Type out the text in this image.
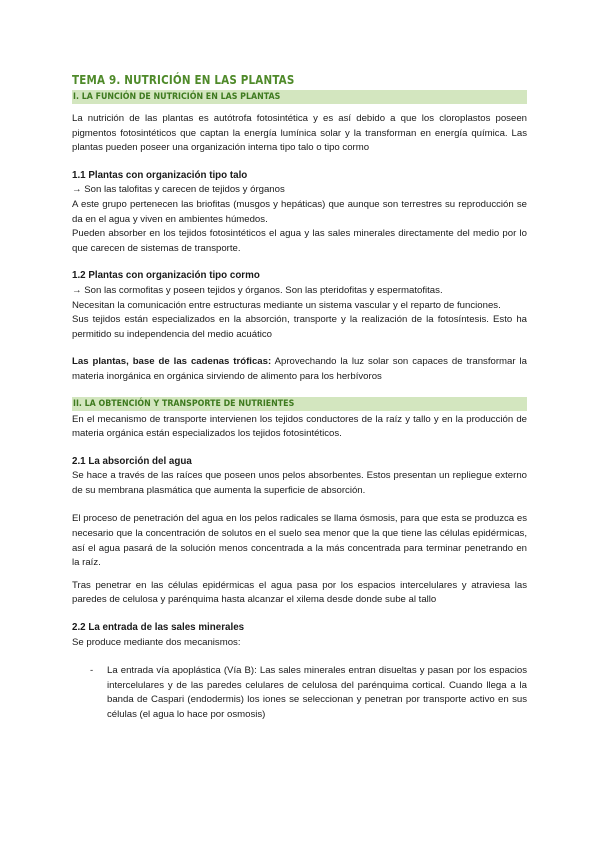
TEMA 9. NUTRICIÓN EN LAS PLANTAS
I. LA FUNCIÓN DE NUTRICIÓN EN LAS PLANTAS

La nutrición de las plantas es autótrofa fotosintética y es así debido a que los cloroplastos poseen pigmentos fotosintéticos que captan la energía lumínica solar y la transforman en energía química. Las plantas pueden poseer una organización interna tipo talo o tipo cormo

1.1 Plantas con organización tipo talo

→ Son las talofitas y carecen de tejidos y órganos

A este grupo pertenecen las briofitas (musgos y hepáticas) que aunque son terrestres su reproducción se da en el agua y viven en ambientes húmedos.

Pueden absorber en los tejidos fotosintéticos el agua y las sales minerales directamente del medio por lo que carecen de sistemas de transporte.

1.2 Plantas con organización tipo cormo

→ Son las cormofitas y poseen tejidos y órganos. Son las pteridofitas y espermatofitas.

Necesitan la comunicación entre estructuras mediante un sistema vascular y el reparto de funciones.

Sus tejidos están especializados en la absorción, transporte y la realización de la fotosíntesis. Esto ha permitido su independencia del medio acuático

Las plantas, base de las cadenas tróficas: Aprovechando la luz solar son capaces de transformar la materia inorgánica en orgánica sirviendo de alimento para los herbívoros

II. LA OBTENCIÓN Y TRANSPORTE DE NUTRIENTES

En el mecanismo de transporte intervienen los tejidos conductores de la raíz y tallo y en la producción de materia orgánica están especializados los tejidos fotosintéticos.

2.1 La absorción del agua

Se hace a través de las raíces que poseen unos pelos absorbentes. Estos presentan un repliegue externo de su membrana plasmática que aumenta la superficie de absorción.

El proceso de penetración del agua en los pelos radicales se llama ósmosis, para que esta se produzca es necesario que la concentración de solutos en el suelo sea menor que la que tiene las células epidérmicas, así el agua pasará de la solución menos concentrada a la más concentrada para terminar penetrando en la raíz.

Tras penetrar en las células epidérmicas el agua pasa por los espacios intercelulares y atraviesa las paredes de celulosa y parénquima hasta alcanzar el xilema desde donde sube al tallo

2.2 La entrada de las sales minerales

Se produce mediante dos mecanismos:

- La entrada vía apoplástica (Vía B): Las sales minerales entran disueltas y pasan por los espacios intercelulares y de las paredes celulares de celulosa del parénquima cortical. Cuando llega a la banda de Caspari (endodermis) los iones se seleccionan y penetran por transporte activo en sus células (el agua lo hace por osmosis)
